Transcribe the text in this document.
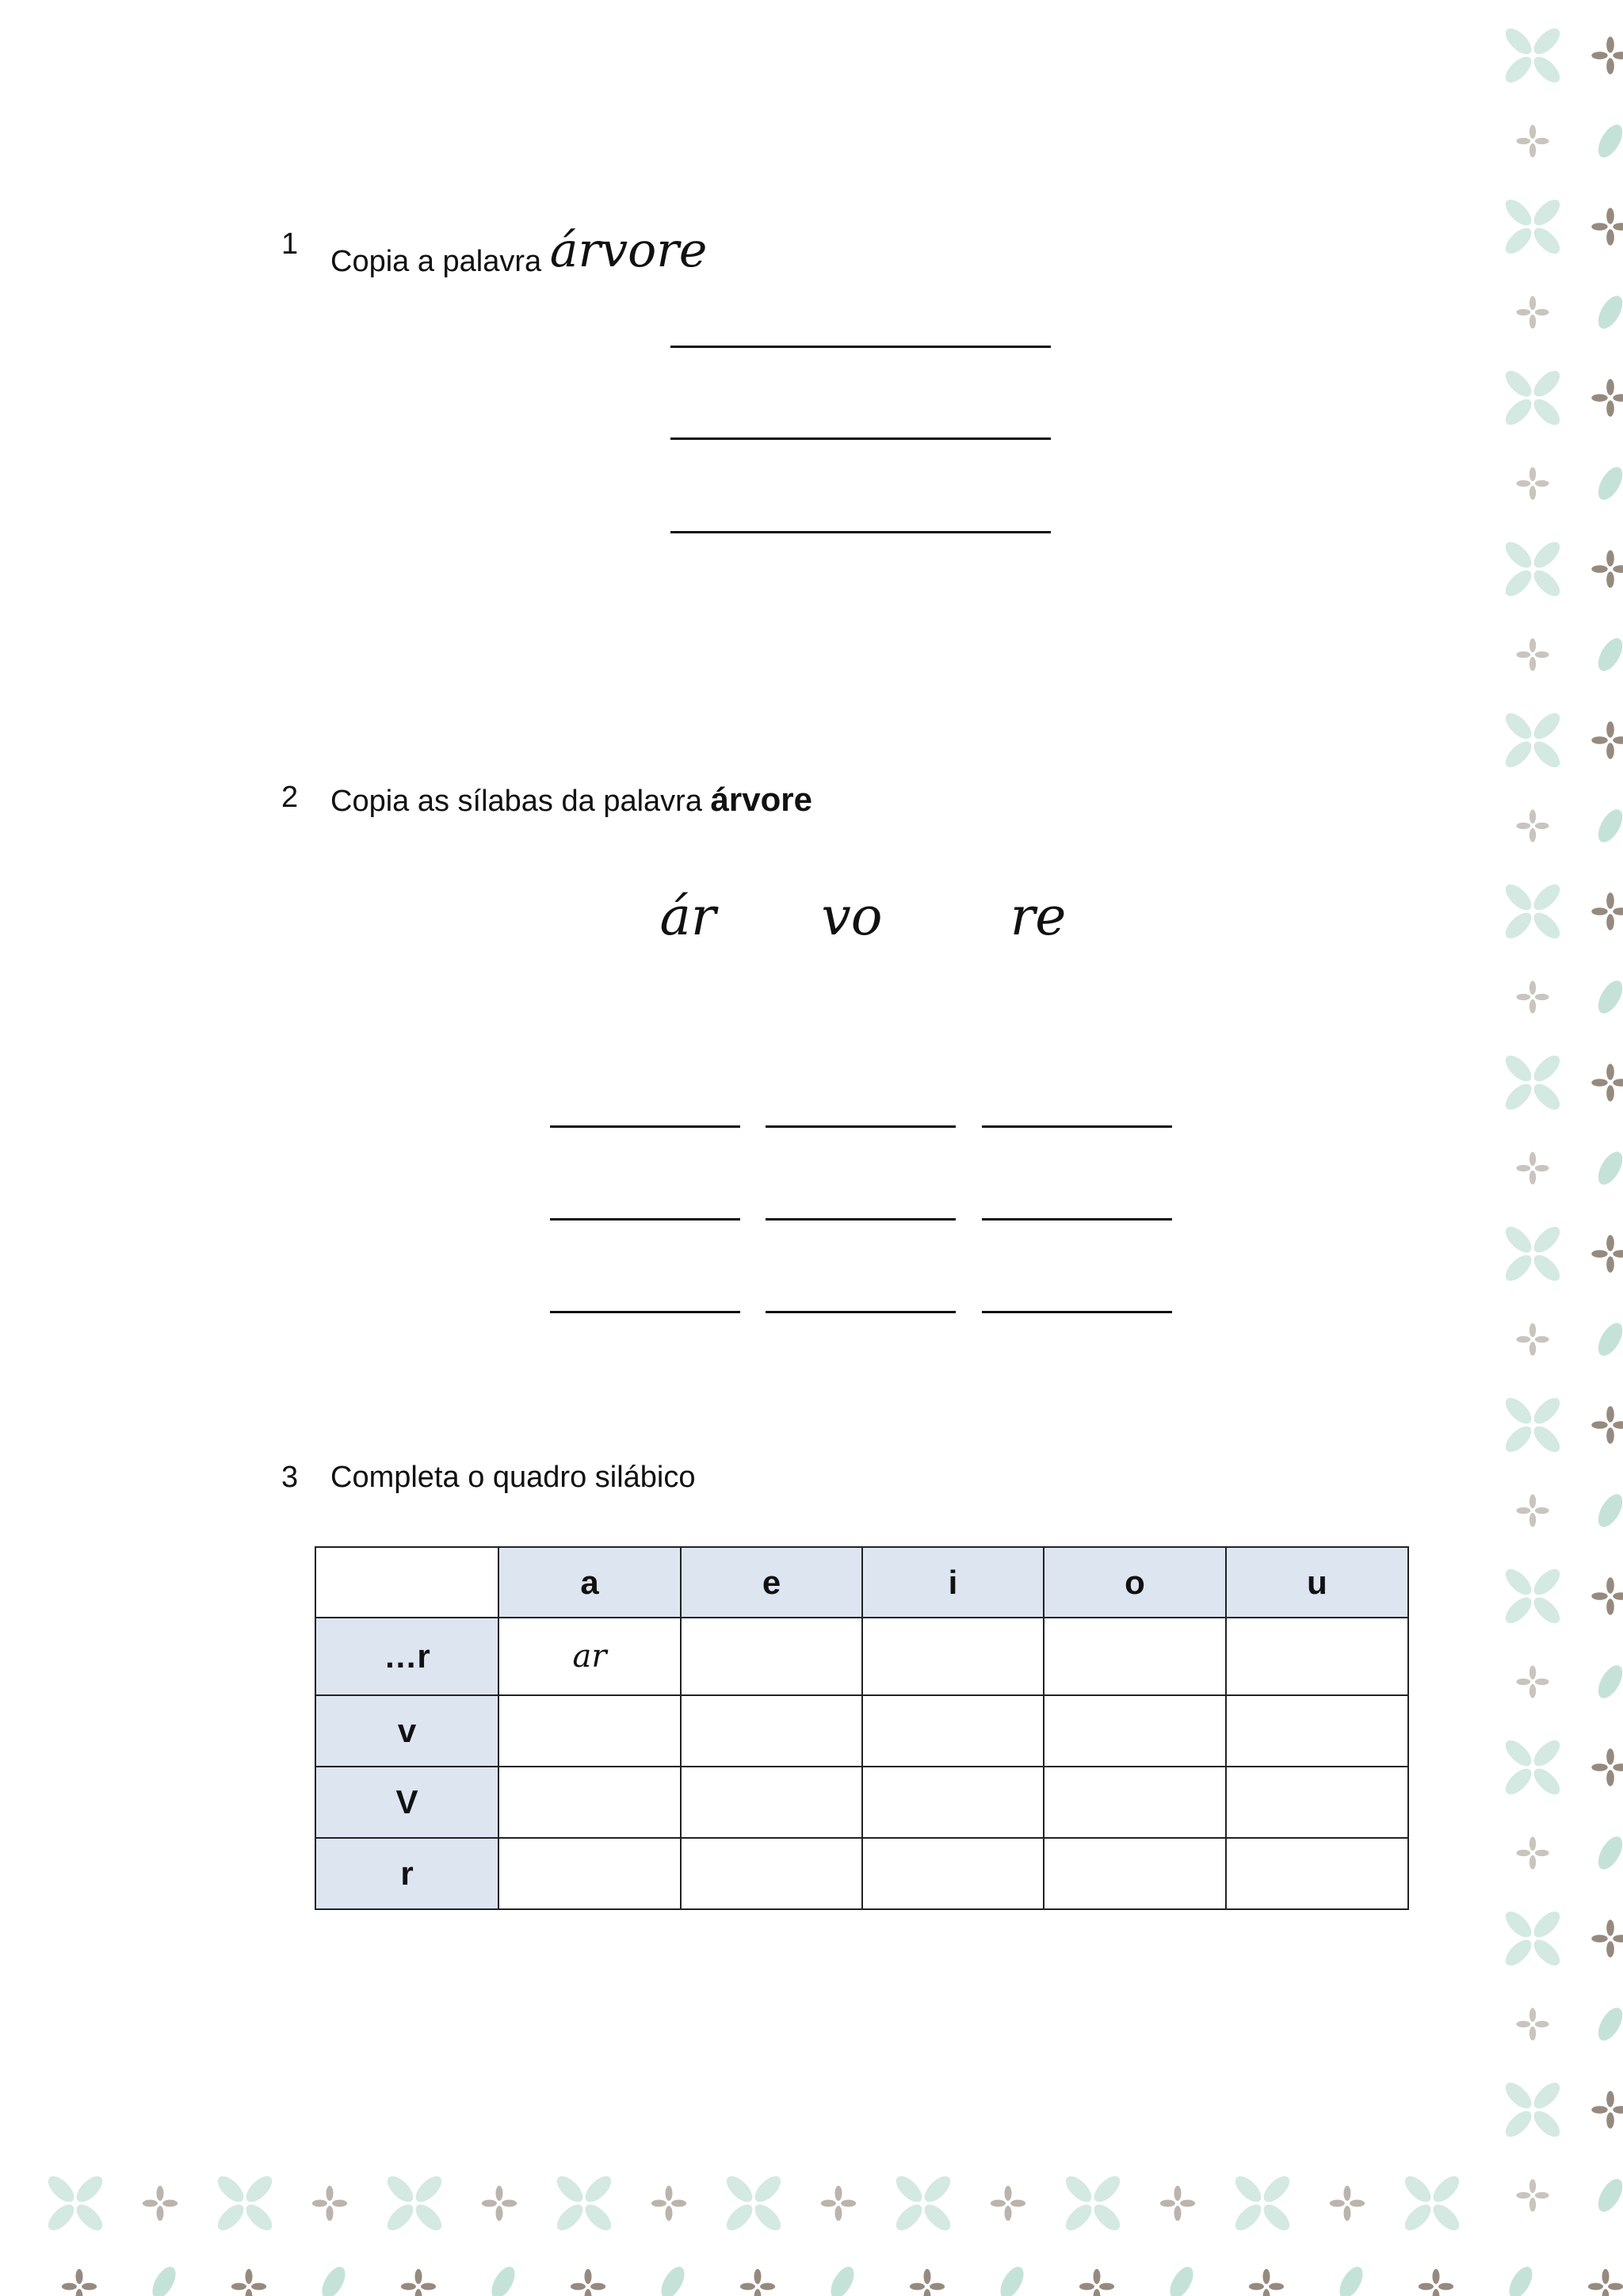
1
Copia a palavra árvore
2 Copia as sílabas da palavra árvore
ár	vo	re
3 Completa o quadro silábico
	a	e	i	o	u
…r	ar				
v					
V					
r					
